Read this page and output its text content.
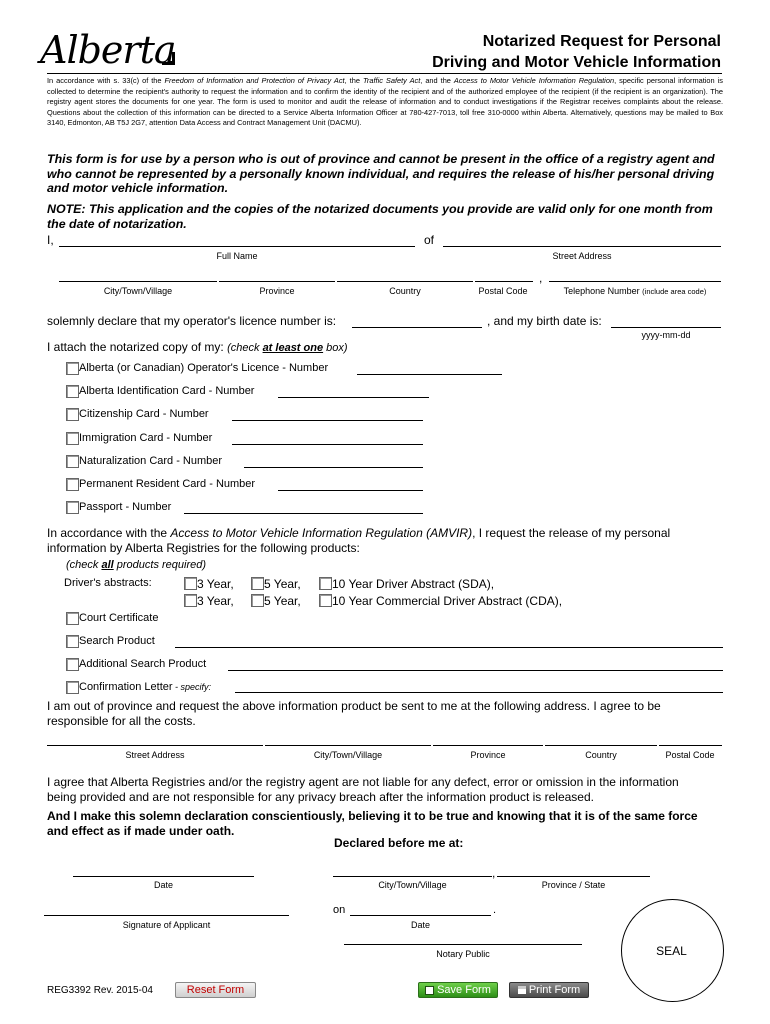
Alberta	Notarized Request for Personal
Driving and Motor Vehicle Information
In accordance with s. 33(c) of the Freedom of Information and Protection of Privacy Act, the Traffic Safety Act, and the Access to Motor Vehicle Information Regulation, specific personal information is collected to determine the recipient's authority to request the information and to confirm the identity of the recipient and of the authorized employee of the recipient (if the recipient is an organization). The registry agent stores the documents for one year. The form is used to monitor and audit the release of information and to conduct investigations if the Registrar receives complaints about the release. Questions about the collection of this information can be directed to a Service Alberta Information Officer at 780-427-7013, toll free 310-0000 within Alberta. Alternatively, questions may be mailed to Box 3140, Edmonton, AB T5J 2G7, attention Data Access and Contract Management Unit (DACMU).
This form is for use by a person who is out of province and cannot be present in the office of a registry agent and who cannot be represented by a personally known individual, and requires the release of his/her personal driving and motor vehicle information.
NOTE: This application and the copies of the notarized documents you provide are valid only for one month from the date of notarization.
I,	of
Full Name	Street Address
,
City/Town/Village	Province	Country	Postal Code	Telephone Number (include area code)
solemnly declare that my operator's licence number is:	, and my birth date is:
yyyy-mm-dd
I attach the notarized copy of my: (check at least one box)
Alberta (or Canadian) Operator's Licence - Number
Alberta Identification Card - Number
Citizenship Card - Number
Immigration Card - Number
Naturalization Card - Number
Permanent Resident Card - Number
Passport - Number
In accordance with the Access to Motor Vehicle Information Regulation (AMVIR), I request the release of my personal
information by Alberta Registries for the following products:
(check all products required)
Driver's abstracts:	3 Year,	5 Year,	10 Year Driver Abstract (SDA),
3 Year,	5 Year,	10 Year Commercial Driver Abstract (CDA),
Court Certificate
Search Product
Additional Search Product
Confirmation Letter - specify:
I am out of province and request the above information product be sent to me at the following address. I agree to be
responsible for all the costs.
Street Address	City/Town/Village	Province	Country	Postal Code
I agree that Alberta Registries and/or the registry agent are not liable for any defect, error or omission in the information
being provided and are not responsible for any privacy breach after the information product is released.
And I make this solemn declaration conscientiously, believing it to be true and knowing that it is of the same force
and effect as if made under oath.
Declared before me at:
Date
,
City/Town/Village	Province / State
Signature of Applicant
on	.
Date
Notary Public	SEAL
REG3392 Rev. 2015-04	Reset Form	Save Form	Print Form
